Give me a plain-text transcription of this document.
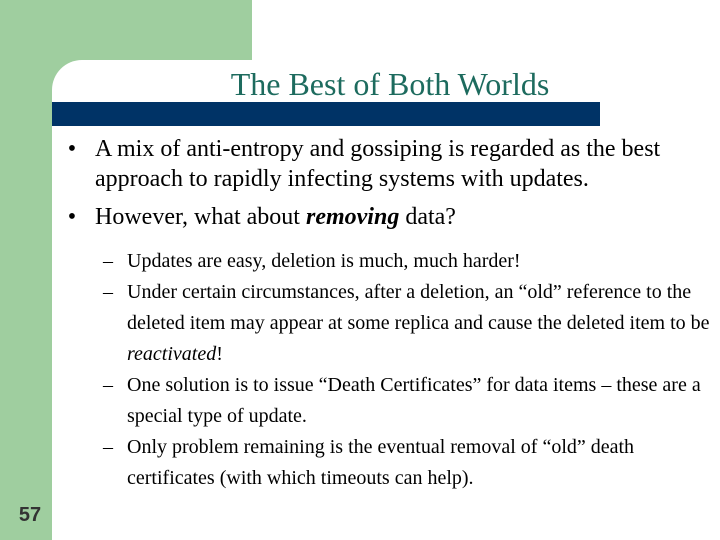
The Best of Both Worlds
• A mix of anti-entropy and gossiping is regarded as the best approach to rapidly infecting systems with updates.
• However, what about removing data?
– Updates are easy, deletion is much, much harder!
– Under certain circumstances, after a deletion, an “old” reference to the deleted item may appear at some replica and cause the deleted item to be reactivated!
– One solution is to issue “Death Certificates” for data items – these are a special type of update.
– Only problem remaining is the eventual removal of “old” death certificates (with which timeouts can help).
57
